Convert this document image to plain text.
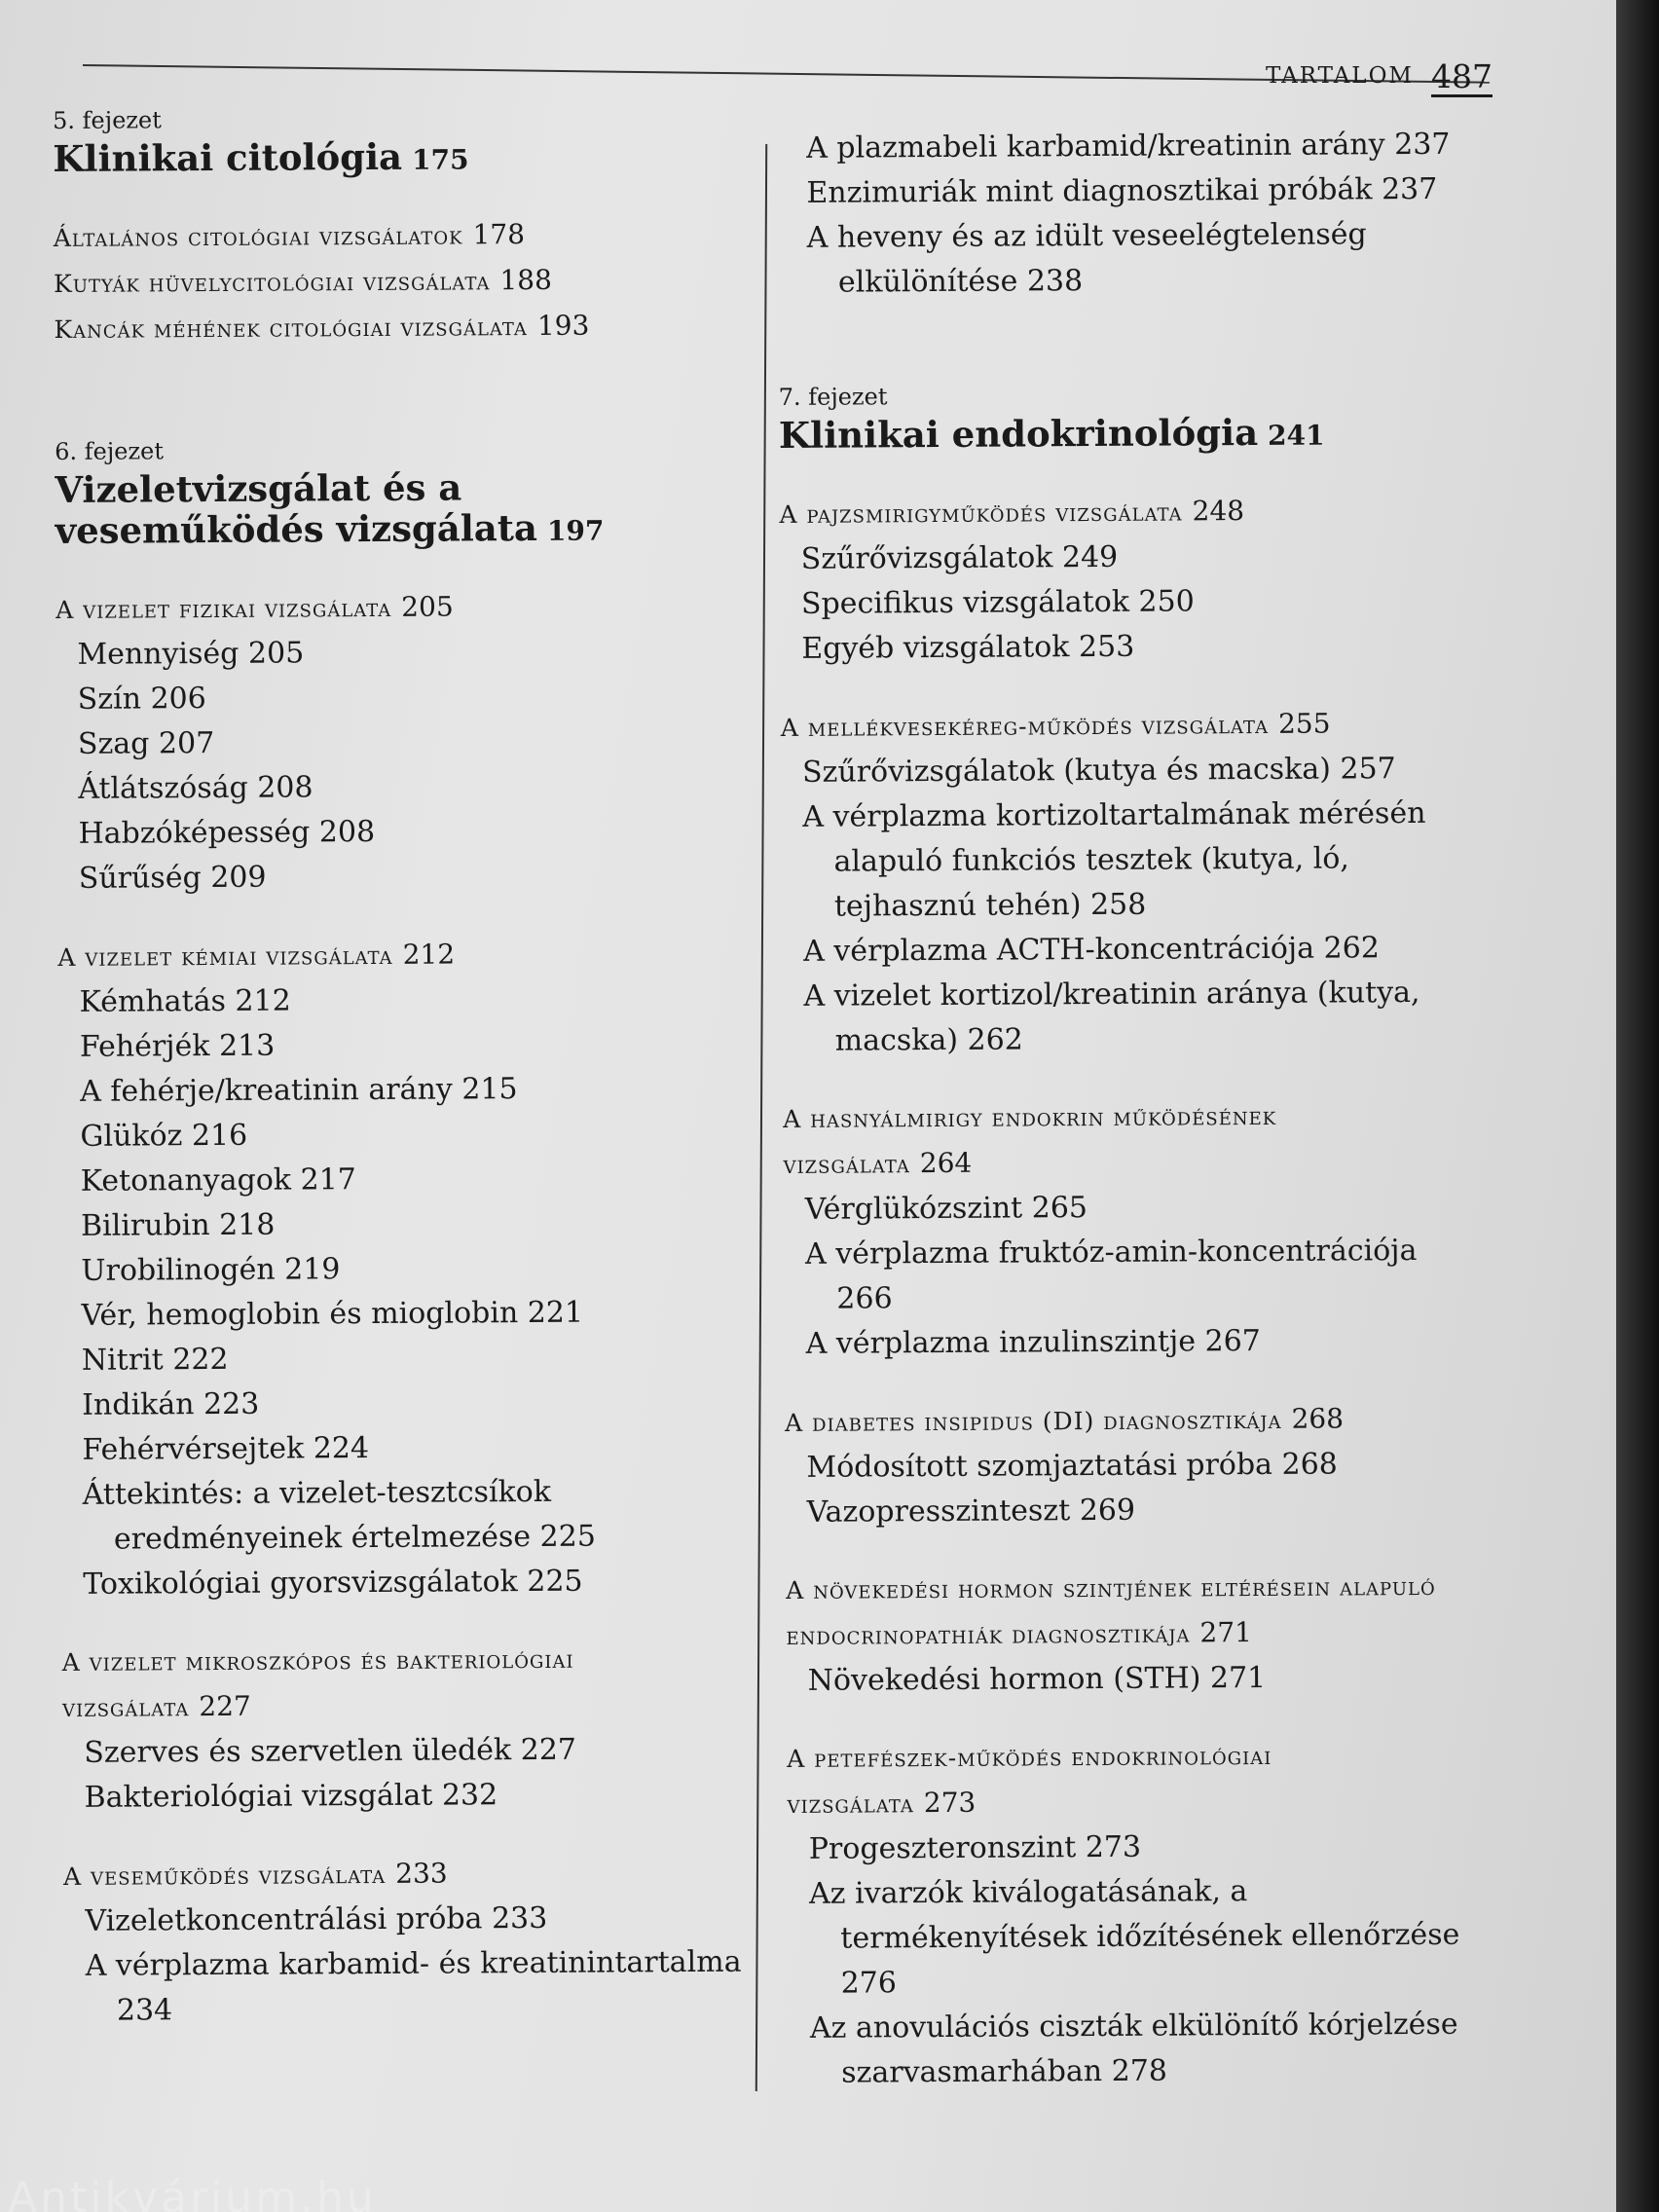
TARTALOM 487

5. fejezet

Klinikai citológia 175

Általános citológiai vizsgálatok 178

Kutyák hüvelycitológiai vizsgálata 188

Kancák méhének citológiai vizsgálata 193

6. fejezet

Vizeletvizsgálat és a veseműködés vizsgálata 197

A vizelet fizikai vizsgálata 205

Mennyiség 205
Szín 206
Szag 207
Átlátszóság 208
Habzóképesség 208
Sűrűség 209

A vizelet kémiai vizsgálata 212

Kémhatás 212
Fehérjék 213
A fehérje/kreatinin arány 215
Glükóz 216
Ketonanyagok 217
Bilirubin 218
Urobilinogén 219
Vér, hemoglobin és mioglobin 221
Nitrit 222
Indikán 223
Fehérvérsejtek 224
Áttekintés: a vizelet-tesztcsíkok eredményeinek értelmezése 225
Toxikológiai gyorsvizsgálatok 225

A vizelet mikroszkópos és bakteriológiai vizsgálata 227

Szerves és szervetlen üledék 227
Bakteriológiai vizsgálat 232

A veseműködés vizsgálata 233

Vizeletkoncentrálási próba 233
A vérplazma karbamid- és kreatinintartalma 234
A plazmabeli karbamid/kreatinin arány 237
Enzimuriák mint diagnosztikai próbák 237
A heveny és az idült veseelégtelenség elkülönítése 238

7. fejezet

Klinikai endokrinológia 241

A pajzsmirigyműködés vizsgálata 248

Szűrővizsgálatok 249
Specifikus vizsgálatok 250
Egyéb vizsgálatok 253

A mellékvesekéreg-működés vizsgálata 255

Szűrővizsgálatok (kutya és macska) 257
A vérplazma kortizoltartalmának mérésén alapuló funkciós tesztek (kutya, ló, tejhasznú tehén) 258
A vérplazma ACTH-koncentrációja 262
A vizelet kortizol/kreatinin aránya (kutya, macska) 262

A hasnyálmirigy endokrin működésének vizsgálata 264

Vérglükózszint 265
A vérplazma fruktóz-amin-koncentrációja 266
A vérplazma inzulinszintje 267

A diabetes insipidus (DI) diagnosztikája 268

Módosított szomjaztatási próba 268
Vazopresszinteszt 269

A növekedési hormon szintjének eltérésein alapuló endocrinopathiák diagnosztikája 271

Növekedési hormon (STH) 271

A petefészek-működés endokrinológiai vizsgálata 273

Progeszteronszint 273
Az ivarzók kiválogatásának, a termékenyítések időzítésének ellenőrzése 276
Az anovulációs ciszták elkülönítő kórjelzése szarvasmarhában 278
Antikvárium.hu
